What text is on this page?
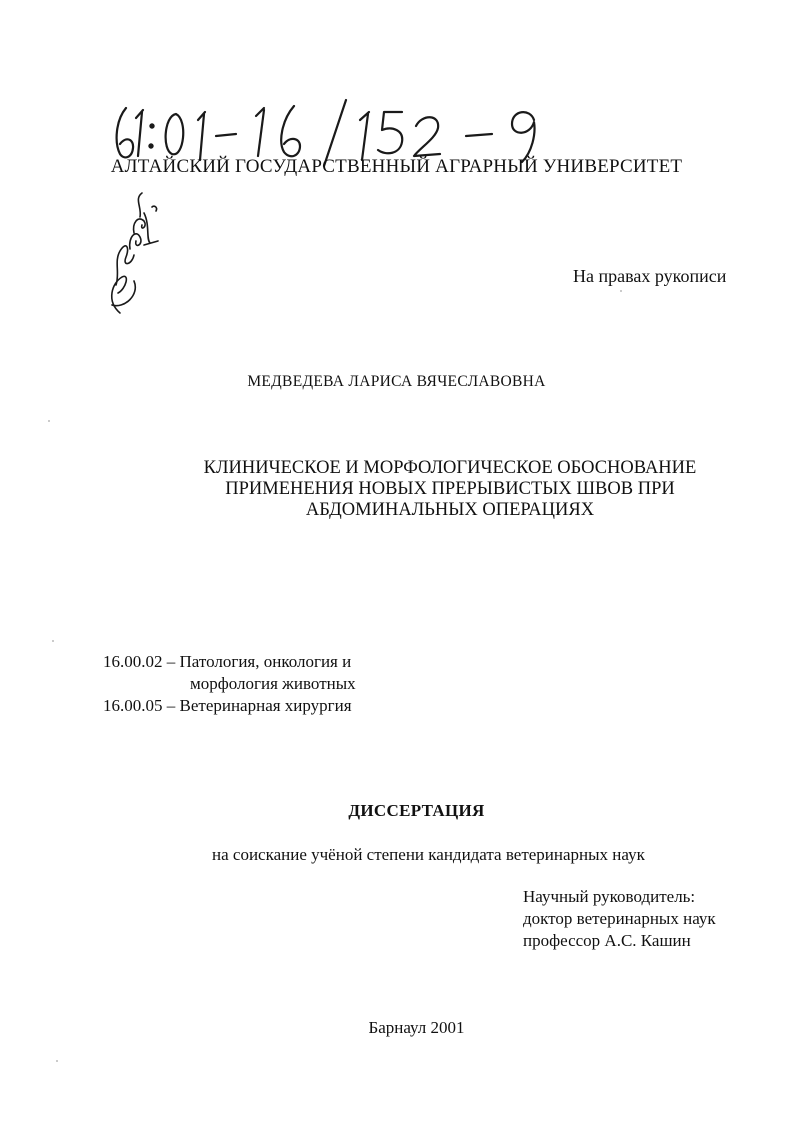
АЛТАЙСКИЙ ГОСУДАРСТВЕННЫЙ АГРАРНЫЙ УНИВЕРСИТЕТ
На правах рукописи
МЕДВЕДЕВА ЛАРИСА ВЯЧЕСЛАВОВНА
КЛИНИЧЕСКОЕ И МОРФОЛОГИЧЕСКОЕ ОБОСНОВАНИЕ
ПРИМЕНЕНИЯ НОВЫХ ПРЕРЫВИСТЫХ ШВОВ ПРИ
АБДОМИНАЛЬНЫХ ОПЕРАЦИЯХ
16.00.02 – Патология, онкология и
морфология животных
16.00.05 – Ветеринарная хирургия
ДИССЕРТАЦИЯ
на соискание учёной степени кандидата ветеринарных наук
Научный руководитель:
доктор ветеринарных наук
профессор А.С. Кашин
Барнаул 2001
